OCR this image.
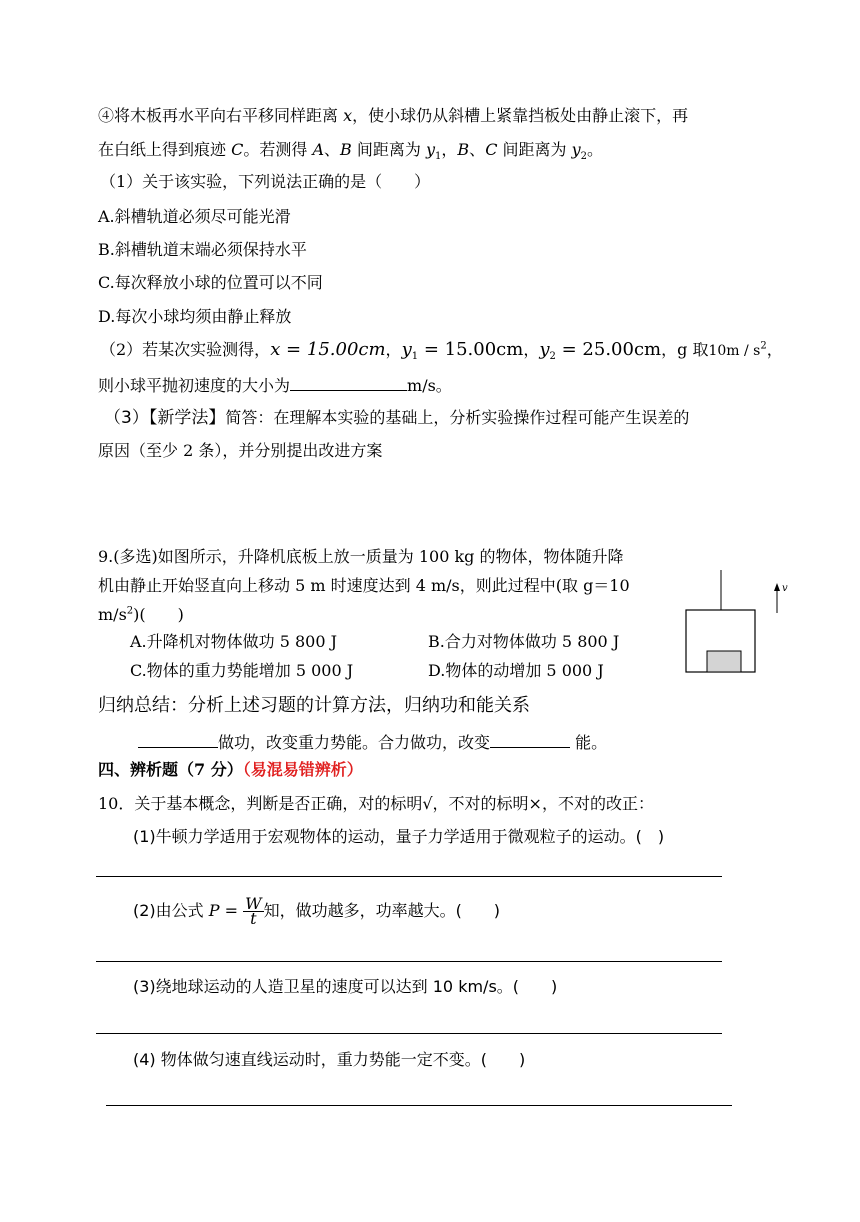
④将木板再水平向右平移同样距离 x，使小球仍从斜槽上紧靠挡板处由静止滚下，再
在白纸上得到痕迹 C。若测得 A、B 间距离为 $y_1$，B、C 间距离为 $y_2$。
（1）关于该实验，下列说法正确的是（　　）
A.斜槽轨道必须尽可能光滑
B.斜槽轨道末端必须保持水平
C.每次释放小球的位置可以不同
D.每次小球均须由静止释放
（2）若某次实验测得，x = 15.00cm，$y_1 = 15.00cm$，$y_2 = 25.00cm$，g 取$10m / s^2$，
则小球平抛初速度的大小为	m/s。
（3）【新学法】简答：在理解本实验的基础上，分析实验操作过程可能产生误差的
原因（至少 2 条），并分别提出改进方案
9.(多选)如图所示，升降机底板上放一质量为 100 kg 的物体，物体随升降
机由静止开始竖直向上移动 5 m 时速度达到 4 m/s，则此过程中(取 g＝10
$m/s^2$)(　　)
A.升降机对物体做功 5 800 J	B.合力对物体做功 5 800 J
C.物体的重力势能增加 5 000 J	D.物体的动增加 5 000 J
v
归纳总结：分析上述习题的计算方法，归纳功和能关系
做功，改变重力势能。合力做功，改变	能。
四、辨析题（7 分）（易混易错辨析）
10．关于基本概念，判断是否正确，对的标明√，不对的标明×，不对的改正：
(1)牛顿力学适用于宏观物体的运动，量子力学适用于微观粒子的运动。(　)
(2)由公式 $P = \frac{W}{t}$ 知，做功越多，功率越大。(　　)
(3)绕地球运动的人造卫星的速度可以达到 10 km/s。(　　)
(4) 物体做匀速直线运动时，重力势能一定不变。(　　)
